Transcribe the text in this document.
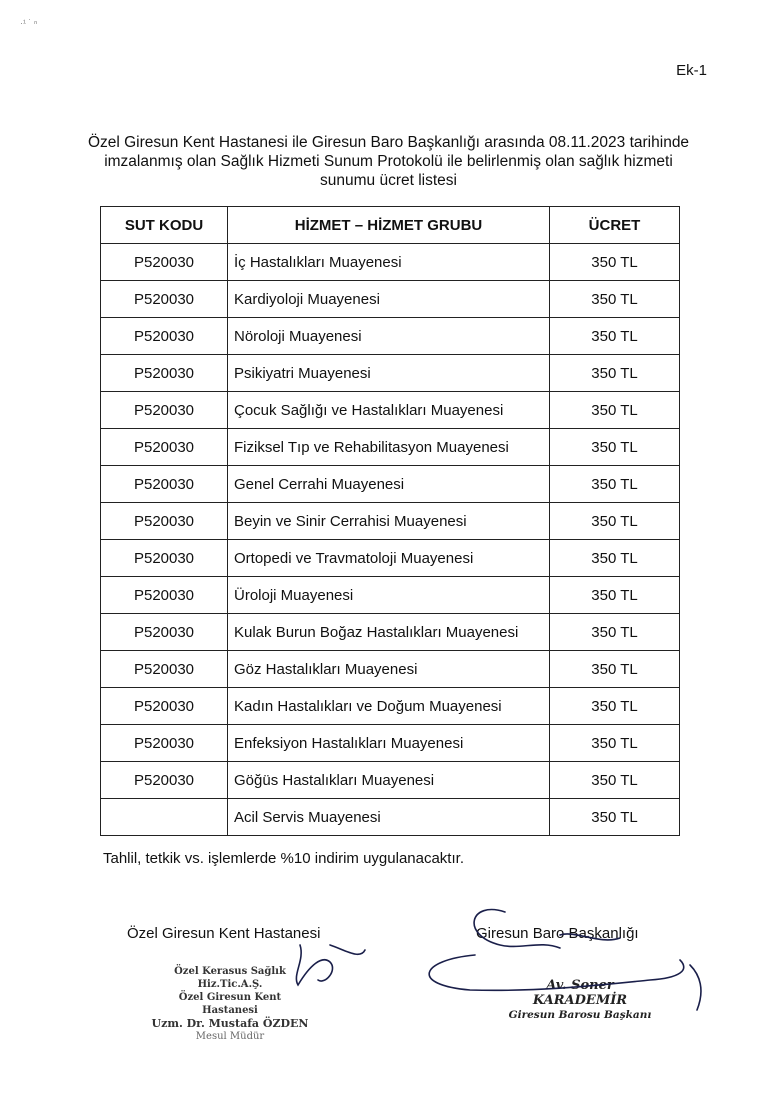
·¹ ˙ ⁿ
Ek-1
Özel Giresun Kent Hastanesi ile Giresun Baro Başkanlığı arasında 08.11.2023 tarihinde
imzalanmış olan Sağlık Hizmeti Sunum Protokolü ile belirlenmiş olan sağlık hizmeti
sunumu ücret listesi
SUT KODU	HİZMET – HİZMET GRUBU	ÜCRET
P520030	İç Hastalıkları Muayenesi	350 TL
P520030	Kardiyoloji Muayenesi	350 TL
P520030	Nöroloji Muayenesi	350 TL
P520030	Psikiyatri Muayenesi	350 TL
P520030	Çocuk Sağlığı ve Hastalıkları Muayenesi	350 TL
P520030	Fiziksel Tıp ve Rehabilitasyon Muayenesi	350 TL
P520030	Genel Cerrahi Muayenesi	350 TL
P520030	Beyin ve Sinir Cerrahisi Muayenesi	350 TL
P520030	Ortopedi ve Travmatoloji Muayenesi	350 TL
P520030	Üroloji Muayenesi	350 TL
P520030	Kulak Burun Boğaz Hastalıkları Muayenesi	350 TL
P520030	Göz Hastalıkları Muayenesi	350 TL
P520030	Kadın Hastalıkları ve Doğum Muayenesi	350 TL
P520030	Enfeksiyon Hastalıkları Muayenesi	350 TL
P520030	Göğüs Hastalıkları Muayenesi	350 TL
	Acil Servis Muayenesi	350 TL
Tahlil, tetkik vs. işlemlerde %10 indirim uygulanacaktır.
Özel Giresun Kent Hastanesi	Giresun Baro Başkanlığı
Özel Kerasus Sağlık Hiz.Tic.A.Ş.
Özel Giresun Kent Hastanesi
Uzm. Dr. Mustafa ÖZDEN
Mesul Müdür
Av. Soner KARADEMİR
Giresun Barosu Başkanı
